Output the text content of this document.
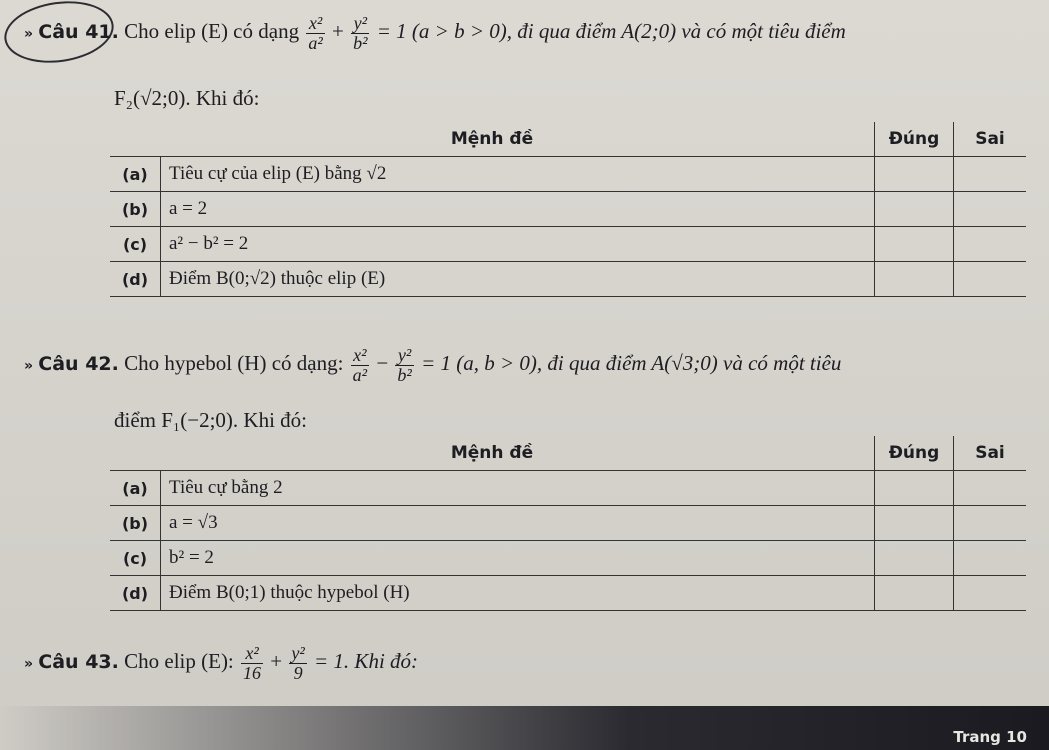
» Câu 41. Cho elip (E) có dạng $\frac{\text{x²}}{\text{a²}} + \frac{\text{y²}}{\text{b²}} = 1$ (a > b > 0), đi qua điểm A(2;0) và có một tiêu điểm
F₂(√2;0). Khi đó:
Mệnh đề		Đúng	Sai
(a)	Tiêu cự của elip (E) bằng √2		
(b)	a = 2		
(c)	a² − b² = 2		
(d)	Điểm B(0;√2) thuộc elip (E)		
» Câu 42. Cho hypebol (H) có dạng: $\frac{\text{x²}}{\text{a²}} - \frac{\text{y²}}{\text{b²}} = 1$ (a, b > 0), đi qua điểm A(√3;0) và có một tiêu
điểm F₁(−2;0). Khi đó:
Mệnh đề		Đúng	Sai
(a)	Tiêu cự bằng 2		
(b)	a = √3		
(c)	b² = 2		
(d)	Điểm B(0;1) thuộc hypebol (H)		
» Câu 43. Cho elip (E): $\frac{\text{x²}}{16} + \frac{\text{y²}}{9} = 1$. Khi đó:
Trang 10
